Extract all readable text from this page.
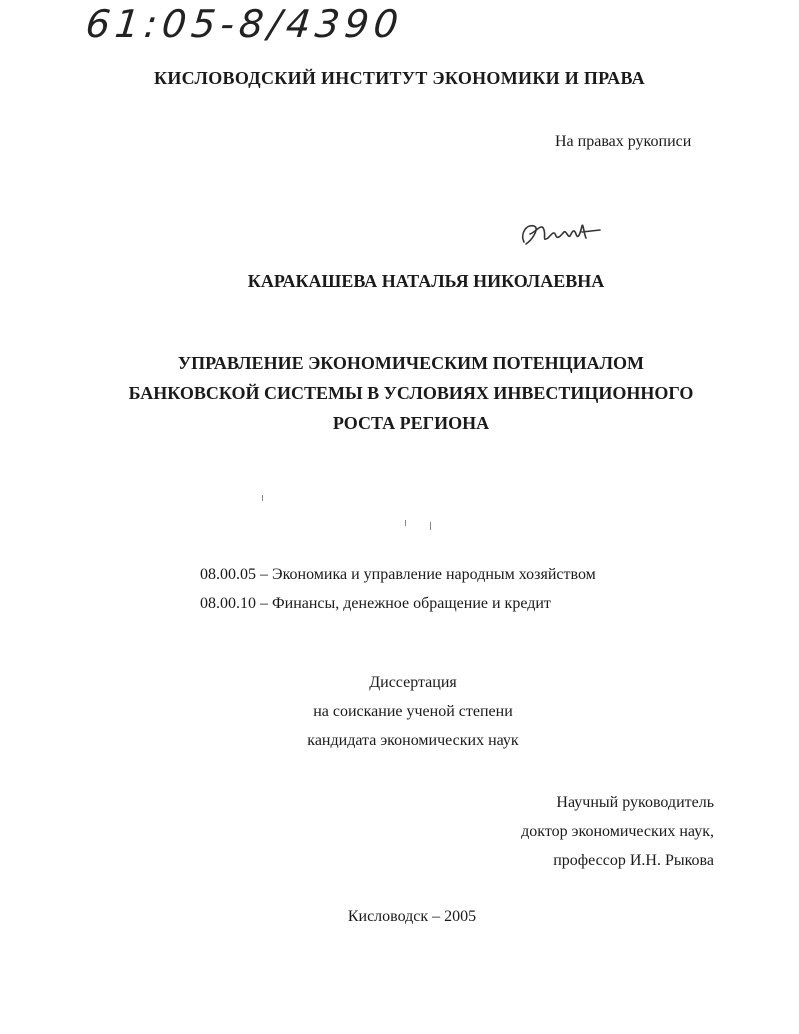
61:05-8/4390
КИСЛОВОДСКИЙ ИНСТИТУТ ЭКОНОМИКИ И ПРАВА
На правах рукописи
КАРАКАШЕВА НАТАЛЬЯ НИКОЛАЕВНА
УПРАВЛЕНИЕ ЭКОНОМИЧЕСКИМ ПОТЕНЦИАЛОМ
БАНКОВСКОЙ СИСТЕМЫ В УСЛОВИЯХ ИНВЕСТИЦИОННОГО
РОСТА РЕГИОНА
08.00.05 – Экономика и управление народным хозяйством
08.00.10 – Финансы, денежное обращение и кредит
Диссертация
на соискание ученой степени
кандидата экономических наук
Научный руководитель
доктор экономических наук,
профессор И.Н. Рыкова
Кисловодск – 2005
